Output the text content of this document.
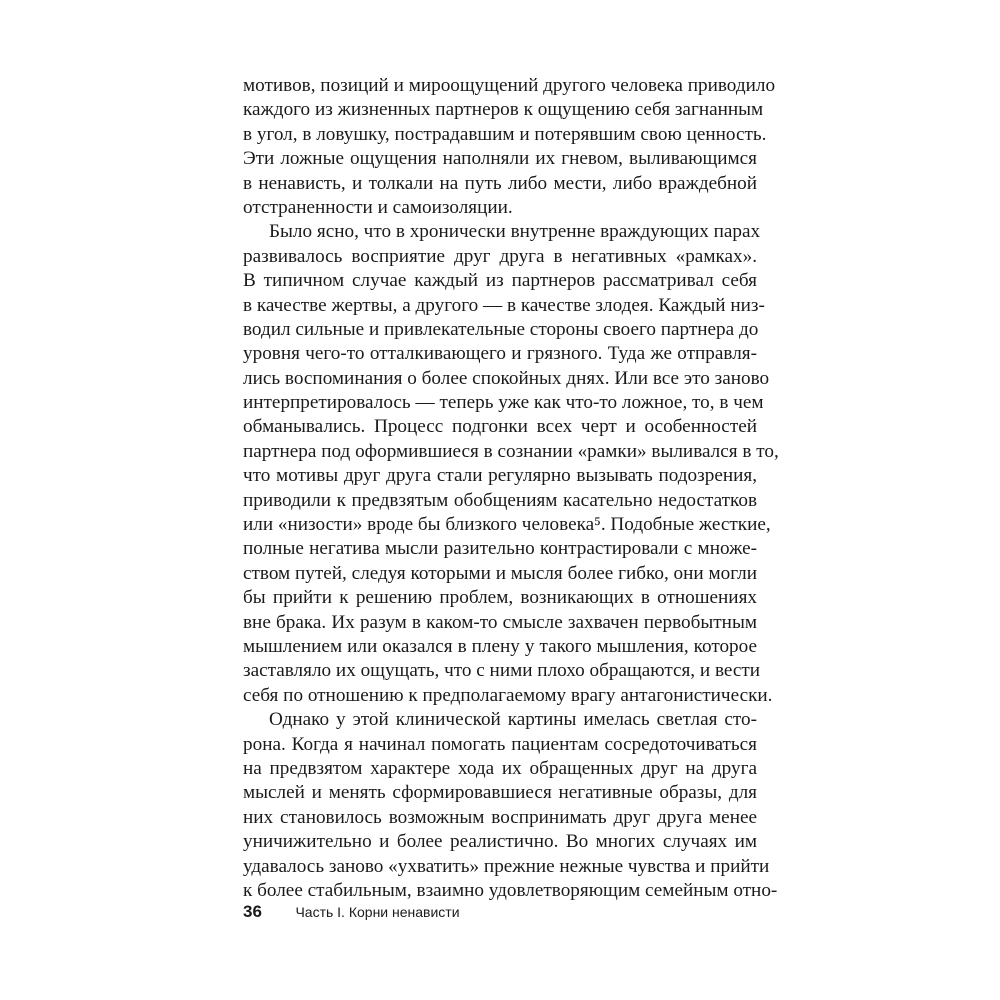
мотивов, позиций и мироощущений другого человека приводило
каждого из жизненных партнеров к ощущению себя загнанным
в угол, в ловушку, пострадавшим и потерявшим свою ценность.
Эти ложные ощущения наполняли их гневом, выливающимся
в ненависть, и толкали на путь либо мести, либо враждебной
отстраненности и самоизоляции.
Было ясно, что в хронически внутренне враждующих парах
развивалось восприятие друг друга в негативных «рамках».
В типичном случае каждый из партнеров рассматривал себя
в качестве жертвы, а другого — в качестве злодея. Каждый низ-
водил сильные и привлекательные стороны своего партнера до
уровня чего-то отталкивающего и грязного. Туда же отправля-
лись воспоминания о более спокойных днях. Или все это заново
интерпретировалось — теперь уже как что-то ложное, то, в чем
обманывались. Процесс подгонки всех черт и особенностей
партнера под оформившиеся в сознании «рамки» выливался в то,
что мотивы друг друга стали регулярно вызывать подозрения,
приводили к предвзятым обобщениям касательно недостатков
или «низости» вроде бы близкого человека⁵. Подобные жесткие,
полные негатива мысли разительно контрастировали с множе-
ством путей, следуя которыми и мысля более гибко, они могли
бы прийти к решению проблем, возникающих в отношениях
вне брака. Их разум в каком-то смысле захвачен первобытным
мышлением или оказался в плену у такого мышления, которое
заставляло их ощущать, что с ними плохо обращаются, и вести
себя по отношению к предполагаемому врагу антагонистически.
Однако у этой клинической картины имелась светлая сто-
рона. Когда я начинал помогать пациентам сосредоточиваться
на предвзятом характере хода их обращенных друг на друга
мыслей и менять сформировавшиеся негативные образы, для
них становилось возможным воспринимать друг друга менее
уничижительно и более реалистично. Во многих случаях им
удавалось заново «ухватить» прежние нежные чувства и прийти
к более стабильным, взаимно удовлетворяющим семейным отно-
36 Часть I. Корни ненависти
